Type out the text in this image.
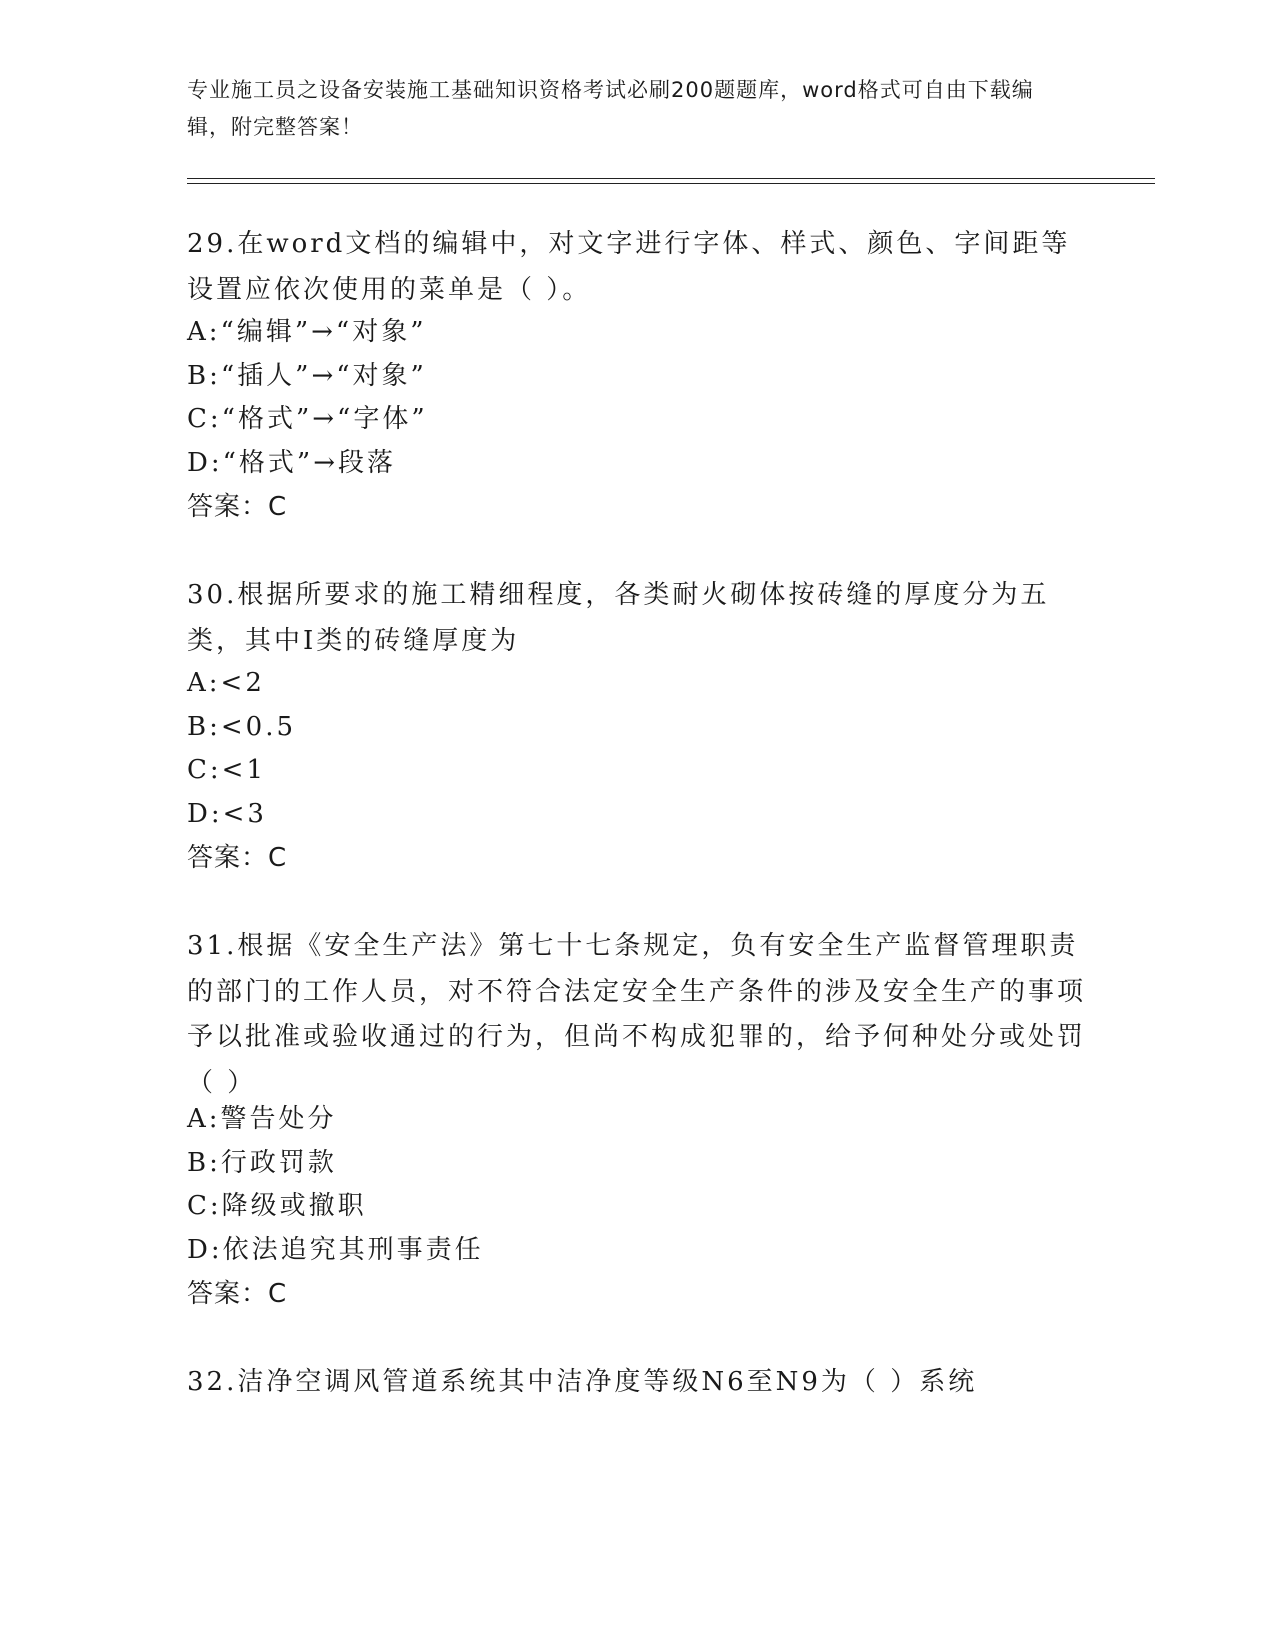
专业施工员之设备安装施工基础知识资格考试必刷200题题库，word格式可自由下载编辑，附完整答案！
29.在word文档的编辑中，对文字进行字体、样式、颜色、字间距等设置应依次使用的菜单是（ ）。
A:“编辑”→“对象”
B:“插人”→“对象”
C:“格式”→“字体”
D:“格式”→段落
答案：C
30.根据所要求的施工精细程度，各类耐火砌体按砖缝的厚度分为五类，其中I类的砖缝厚度为
A:<2
B:<0.5
C:<1
D:<3
答案：C
31.根据《安全生产法》第七十七条规定，负有安全生产监督管理职责的部门的工作人员，对不符合法定安全生产条件的涉及安全生产的事项予以批准或验收通过的行为，但尚不构成犯罪的，给予何种处分或处罚（ ）
A:警告处分
B:行政罚款
C:降级或撤职
D:依法追究其刑事责任
答案：C
32.洁净空调风管道系统其中洁净度等级N6至N9为（ ）系统
